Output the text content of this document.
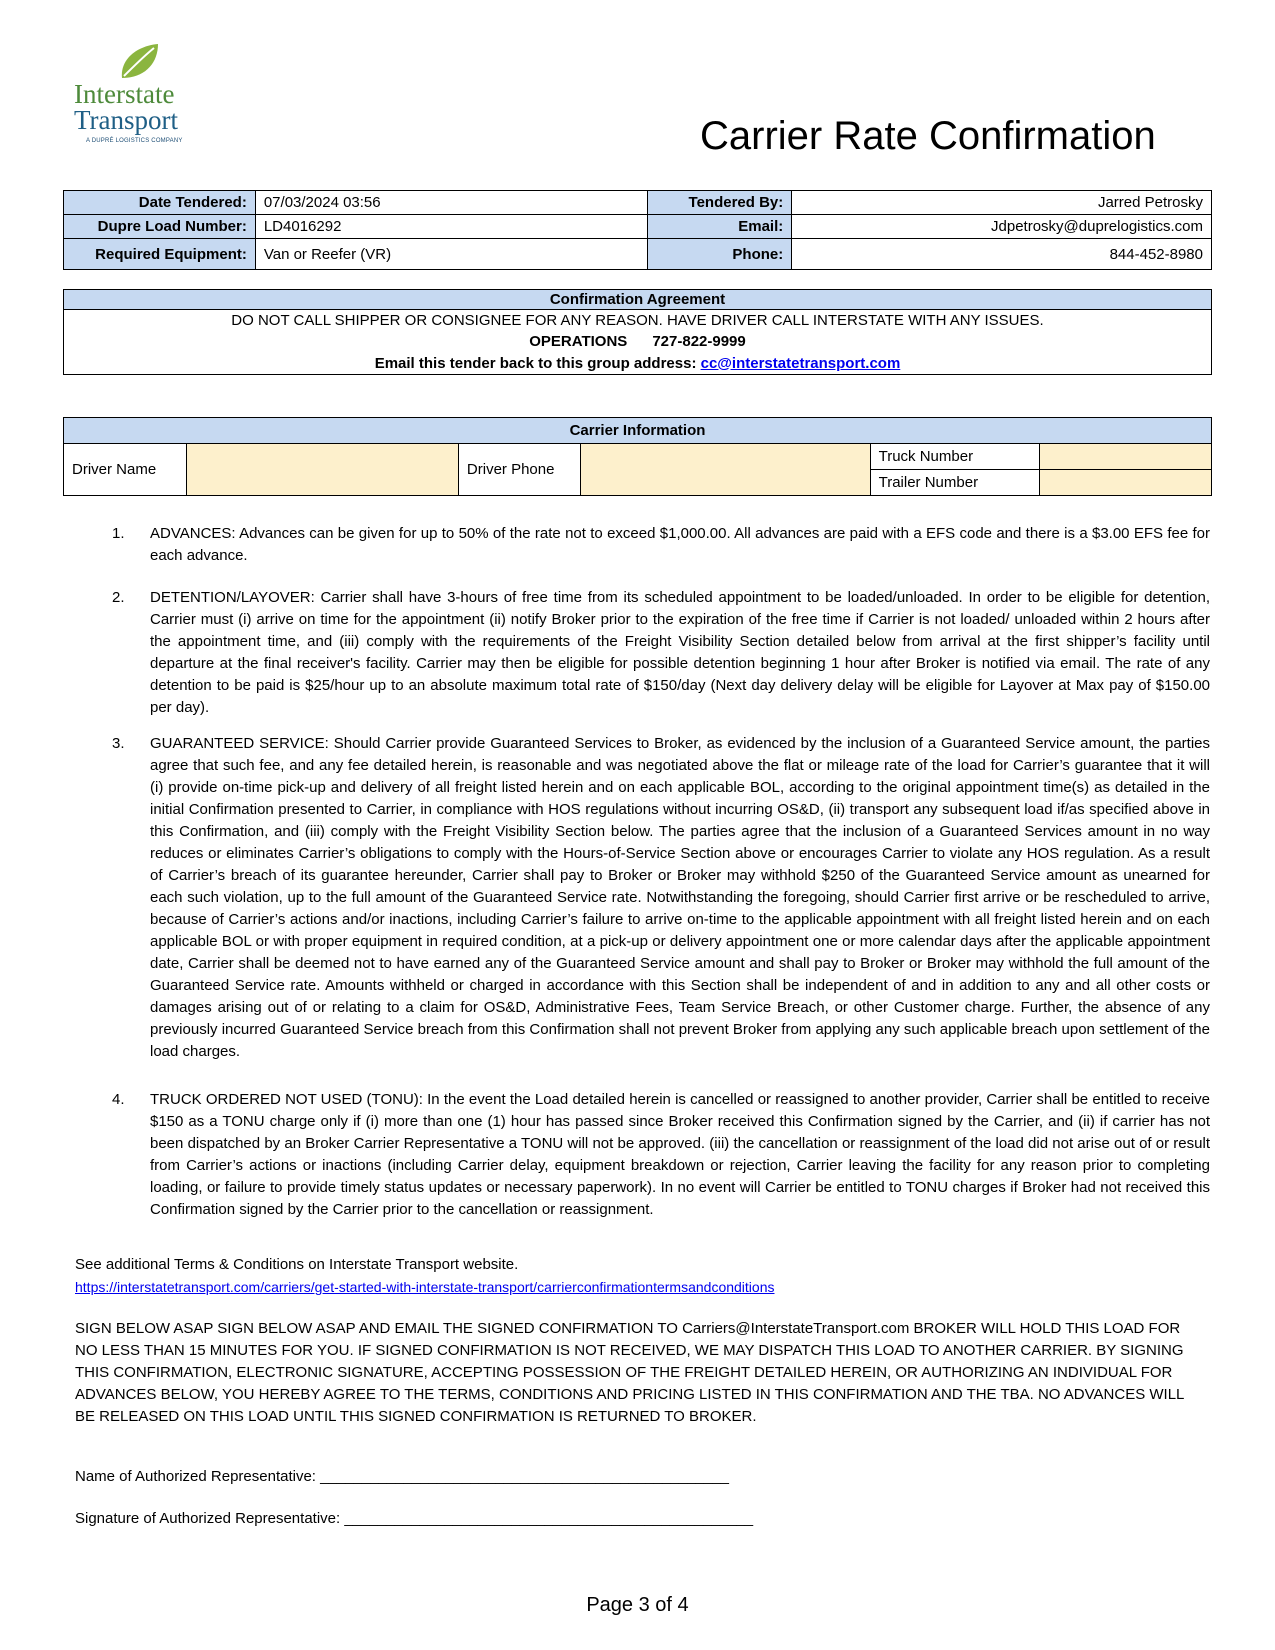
Interstate
Transport
A DUPRÉ LOGISTICS COMPANY	Carrier Rate Confirmation
Date Tendered:	07/03/2024 03:56	Tendered By:	Jarred Petrosky
Dupre Load Number:	LD4016292	Email:	Jdpetrosky@duprelogistics.com
Required Equipment:	Van or Reefer (VR)	Phone:	844-452-8980
Confirmation Agreement
DO NOT CALL SHIPPER OR CONSIGNEE FOR ANY REASON. HAVE DRIVER CALL INTERSTATE WITH ANY ISSUES.
OPERATIONS 727-822-9999
Email this tender back to this group address: cc@interstatetransport.com
Carrier Information					
Driver Name		Driver Phone		Truck Number	
				Trailer Number	
1. ADVANCES: Advances can be given for up to 50% of the rate not to exceed $1,000.00. All advances are paid with a EFS code and there is a $3.00 EFS fee for each advance.
2. DETENTION/LAYOVER: Carrier shall have 3-hours of free time from its scheduled appointment to be loaded/unloaded. In order to be eligible for detention, Carrier must (i) arrive on time for the appointment (ii) notify Broker prior to the expiration of the free time if Carrier is not loaded/ unloaded within 2 hours after the appointment time, and (iii) comply with the requirements of the Freight Visibility Section detailed below from arrival at the first shipper’s facility until departure at the final receiver's facility. Carrier may then be eligible for possible detention beginning 1 hour after Broker is notified via email. The rate of any detention to be paid is $25/hour up to an absolute maximum total rate of $150/day (Next day delivery delay will be eligible for Layover at Max pay of $150.00 per day).
3. GUARANTEED SERVICE: Should Carrier provide Guaranteed Services to Broker, as evidenced by the inclusion of a Guaranteed Service amount, the parties agree that such fee, and any fee detailed herein, is reasonable and was negotiated above the flat or mileage rate of the load for Carrier’s guarantee that it will (i) provide on-time pick-up and delivery of all freight listed herein and on each applicable BOL, according to the original appointment time(s) as detailed in the initial Confirmation presented to Carrier, in compliance with HOS regulations without incurring OS&D, (ii) transport any subsequent load if/as specified above in this Confirmation, and (iii) comply with the Freight Visibility Section below. The parties agree that the inclusion of a Guaranteed Services amount in no way reduces or eliminates Carrier’s obligations to comply with the Hours-of-Service Section above or encourages Carrier to violate any HOS regulation. As a result of Carrier’s breach of its guarantee hereunder, Carrier shall pay to Broker or Broker may withhold $250 of the Guaranteed Service amount as unearned for each such violation, up to the full amount of the Guaranteed Service rate. Notwithstanding the foregoing, should Carrier first arrive or be rescheduled to arrive, because of Carrier’s actions and/or inactions, including Carrier’s failure to arrive on-time to the applicable appointment with all freight listed herein and on each applicable BOL or with proper equipment in required condition, at a pick-up or delivery appointment one or more calendar days after the applicable appointment date, Carrier shall be deemed not to have earned any of the Guaranteed Service amount and shall pay to Broker or Broker may withhold the full amount of the Guaranteed Service rate. Amounts withheld or charged in accordance with this Section shall be independent of and in addition to any and all other costs or damages arising out of or relating to a claim for OS&D, Administrative Fees, Team Service Breach, or other Customer charge. Further, the absence of any previously incurred Guaranteed Service breach from this Confirmation shall not prevent Broker from applying any such applicable breach upon settlement of the load charges.
4. TRUCK ORDERED NOT USED (TONU): In the event the Load detailed herein is cancelled or reassigned to another provider, Carrier shall be entitled to receive $150 as a TONU charge only if (i) more than one (1) hour has passed since Broker received this Confirmation signed by the Carrier, and (ii) if carrier has not been dispatched by an Broker Carrier Representative a TONU will not be approved. (iii) the cancellation or reassignment of the load did not arise out of or result from Carrier’s actions or inactions (including Carrier delay, equipment breakdown or rejection, Carrier leaving the facility for any reason prior to completing loading, or failure to provide timely status updates or necessary paperwork). In no event will Carrier be entitled to TONU charges if Broker had not received this Confirmation signed by the Carrier prior to the cancellation or reassignment.
See additional Terms & Conditions on Interstate Transport website.
https://interstatetransport.com/carriers/get-started-with-interstate-transport/carrierconfirmationtermsandconditions
SIGN BELOW ASAP SIGN BELOW ASAP AND EMAIL THE SIGNED CONFIRMATION TO Carriers@InterstateTransport.com BROKER WILL HOLD THIS LOAD FOR NO LESS THAN 15 MINUTES FOR YOU. IF SIGNED CONFIRMATION IS NOT RECEIVED, WE MAY DISPATCH THIS LOAD TO ANOTHER CARRIER. BY SIGNING THIS CONFIRMATION, ELECTRONIC SIGNATURE, ACCEPTING POSSESSION OF THE FREIGHT DETAILED HEREIN, OR AUTHORIZING AN INDIVIDUAL FOR ADVANCES BELOW, YOU HEREBY AGREE TO THE TERMS, CONDITIONS AND PRICING LISTED IN THIS CONFIRMATION AND THE TBA. NO ADVANCES WILL BE RELEASED ON THIS LOAD UNTIL THIS SIGNED CONFIRMATION IS RETURNED TO BROKER.
Name of Authorized Representative: _________________________________________________
Signature of Authorized Representative: _________________________________________________
Page 3 of 4
